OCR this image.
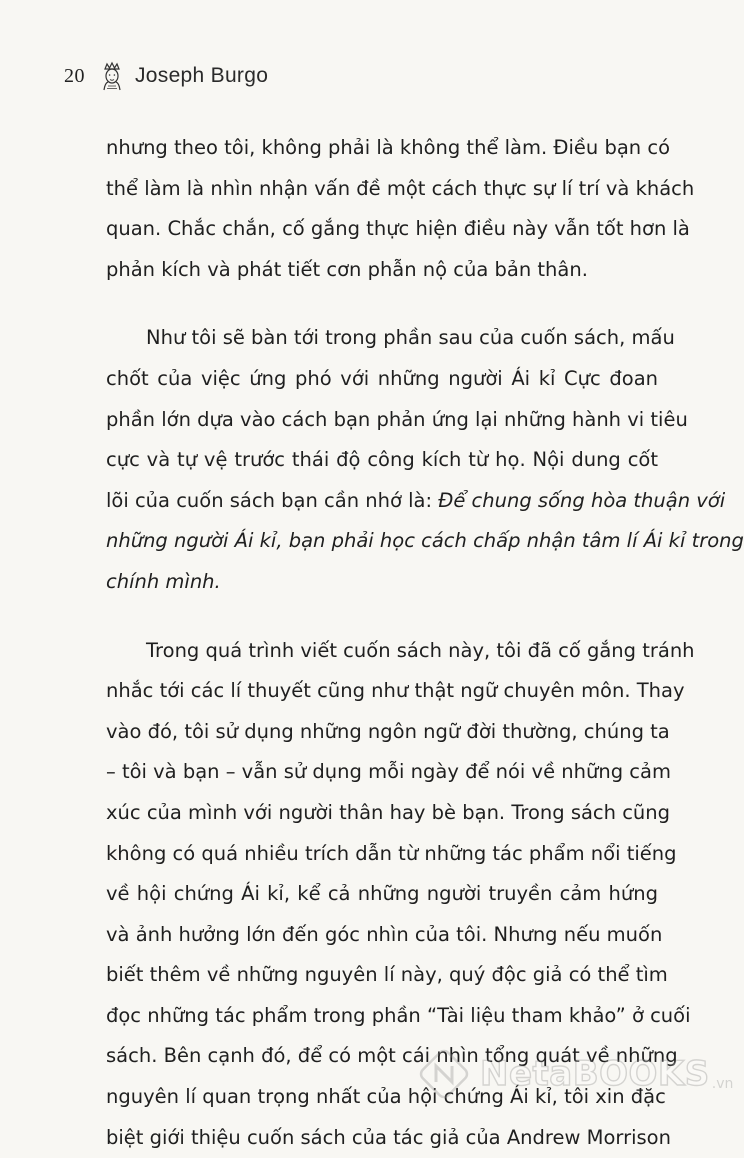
20 Joseph Burgo

nhưng theo tôi, không phải là không thể làm. Điều bạn có
thể làm là nhìn nhận vấn đề một cách thực sự lí trí và khách
quan. Chắc chắn, cố gắng thực hiện điều này vẫn tốt hơn là
phản kích và phát tiết cơn phẫn nộ của bản thân.

Như tôi sẽ bàn tới trong phần sau của cuốn sách, mấu
chốt của việc ứng phó với những người Ái kỉ Cực đoan
phần lớn dựa vào cách bạn phản ứng lại những hành vi tiêu
cực và tự vệ trước thái độ công kích từ họ. Nội dung cốt
lõi của cuốn sách bạn cần nhớ là: Để chung sống hòa thuận với
những người Ái kỉ, bạn phải học cách chấp nhận tâm lí Ái kỉ trong
chính mình.

Trong quá trình viết cuốn sách này, tôi đã cố gắng tránh
nhắc tới các lí thuyết cũng như thật ngữ chuyên môn. Thay
vào đó, tôi sử dụng những ngôn ngữ đời thường, chúng ta
– tôi và bạn – vẫn sử dụng mỗi ngày để nói về những cảm
xúc của mình với người thân hay bè bạn. Trong sách cũng
không có quá nhiều trích dẫn từ những tác phẩm nổi tiếng
về hội chứng Ái kỉ, kể cả những người truyền cảm hứng
và ảnh hưởng lớn đến góc nhìn của tôi. Nhưng nếu muốn
biết thêm về những nguyên lí này, quý độc giả có thể tìm
đọc những tác phẩm trong phần “Tài liệu tham khảo” ở cuối
sách. Bên cạnh đó, để có một cái nhìn tổng quát về những
nguyên lí quan trọng nhất của hội chứng Ái kỉ, tôi xin đặc
biệt giới thiệu cuốn sách của tác giả của Andrew Morrison

NetaBOOKS .vn
